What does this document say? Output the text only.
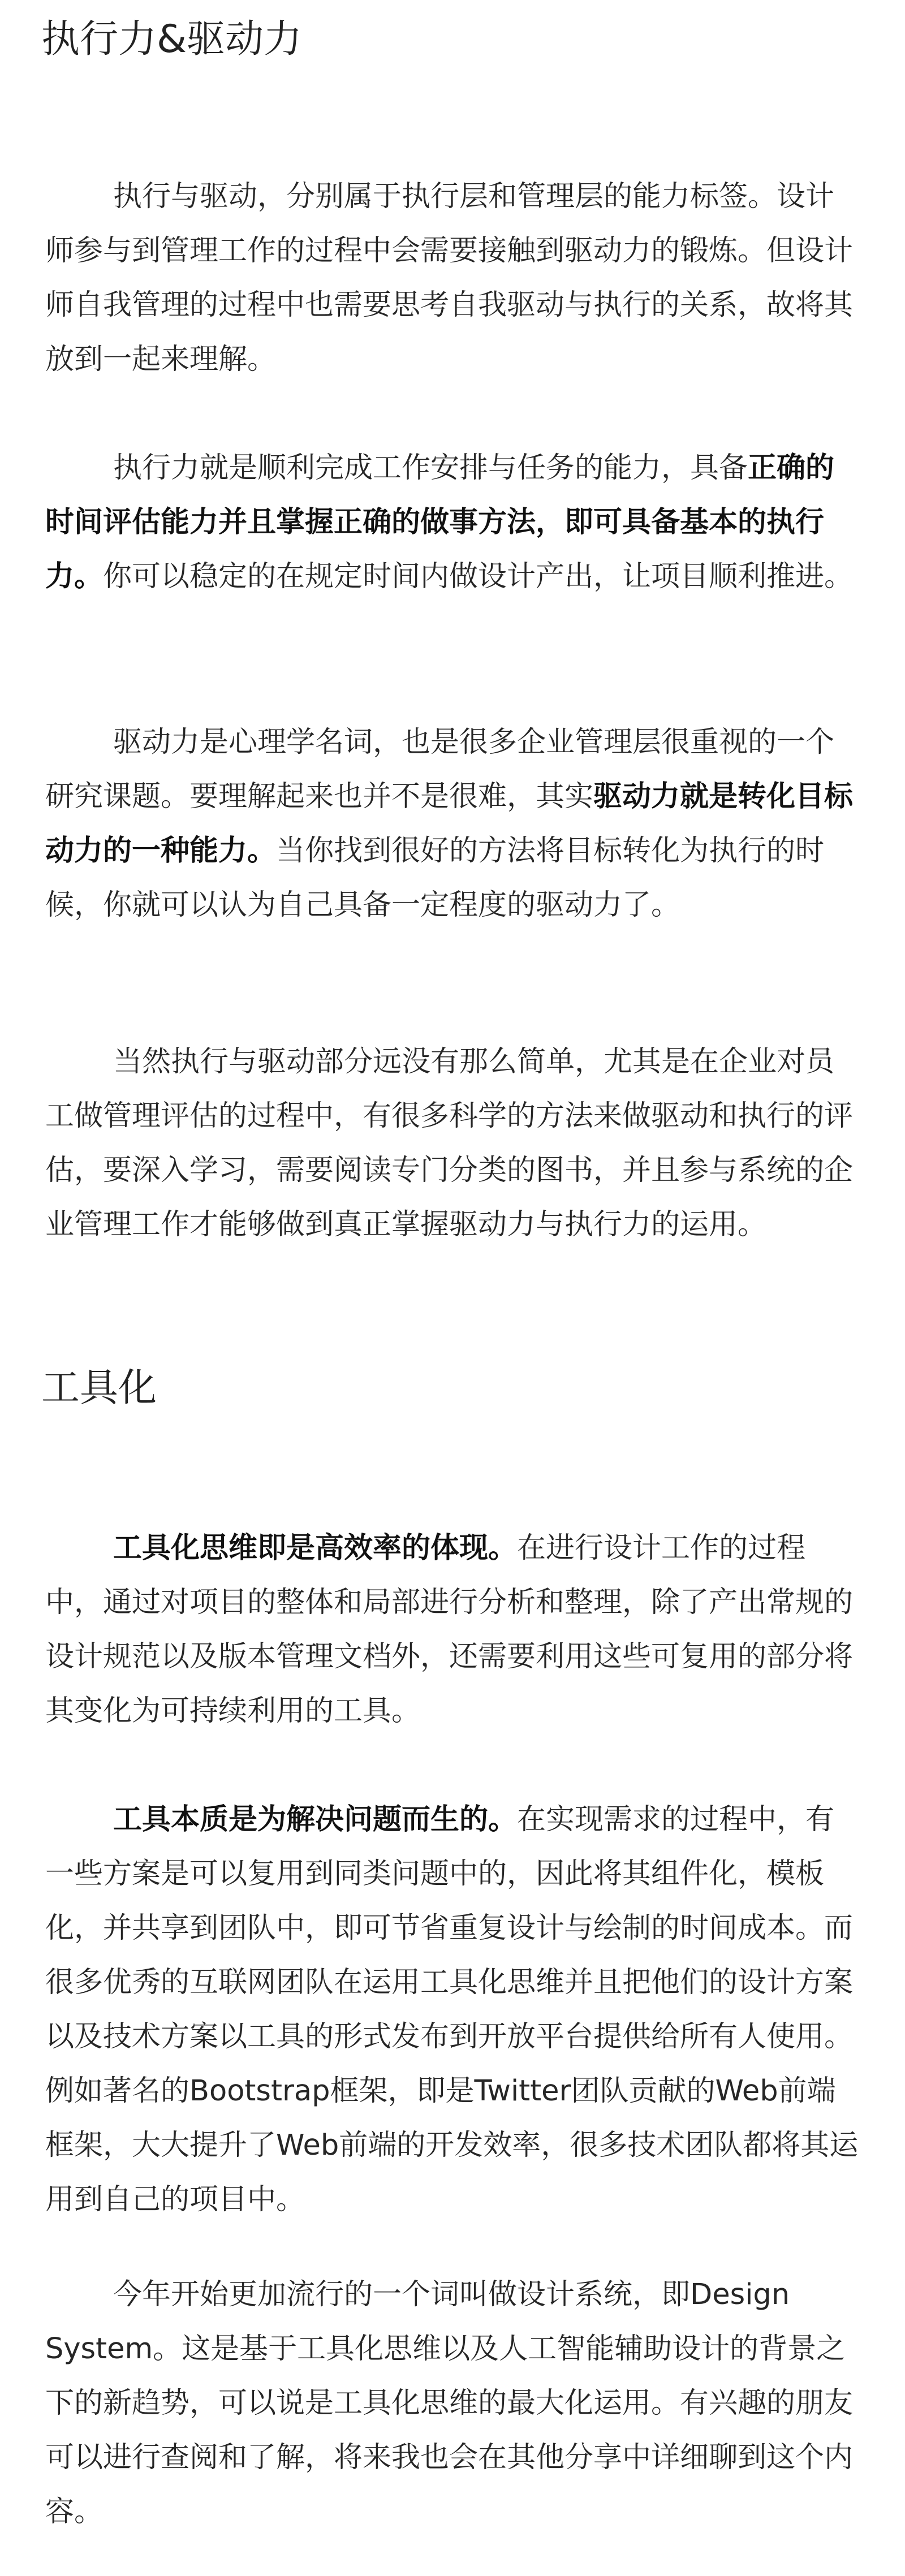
执行力&驱动力

执行与驱动，分别属于执行层和管理层的能力标签。设计师参与到管理工作的过程中会需要接触到驱动力的锻炼。但设计师自我管理的过程中也需要思考自我驱动与执行的关系，故将其放到一起来理解。

执行力就是顺利完成工作安排与任务的能力，具备正确的时间评估能力并且掌握正确的做事方法，即可具备基本的执行力。你可以稳定的在规定时间内做设计产出，让项目顺利推进。

驱动力是心理学名词，也是很多企业管理层很重视的一个研究课题。要理解起来也并不是很难，其实驱动力就是转化目标动力的一种能力。当你找到很好的方法将目标转化为执行的时候，你就可以认为自己具备一定程度的驱动力了。

当然执行与驱动部分远没有那么简单，尤其是在企业对员工做管理评估的过程中，有很多科学的方法来做驱动和执行的评估，要深入学习，需要阅读专门分类的图书，并且参与系统的企业管理工作才能够做到真正掌握驱动力与执行力的运用。

工具化

工具化思维即是高效率的体现。在进行设计工作的过程中，通过对项目的整体和局部进行分析和整理，除了产出常规的设计规范以及版本管理文档外，还需要利用这些可复用的部分将其变化为可持续利用的工具。

工具本质是为解决问题而生的。在实现需求的过程中，有一些方案是可以复用到同类问题中的，因此将其组件化，模板化，并共享到团队中，即可节省重复设计与绘制的时间成本。而很多优秀的互联网团队在运用工具化思维并且把他们的设计方案以及技术方案以工具的形式发布到开放平台提供给所有人使用。例如著名的Bootstrap框架，即是Twitter团队贡献的Web前端框架，大大提升了Web前端的开发效率，很多技术团队都将其运用到自己的项目中。

今年开始更加流行的一个词叫做设计系统，即Design System。这是基于工具化思维以及人工智能辅助设计的背景之下的新趋势，可以说是工具化思维的最大化运用。有兴趣的朋友可以进行查阅和了解，将来我也会在其他分享中详细聊到这个内容。
